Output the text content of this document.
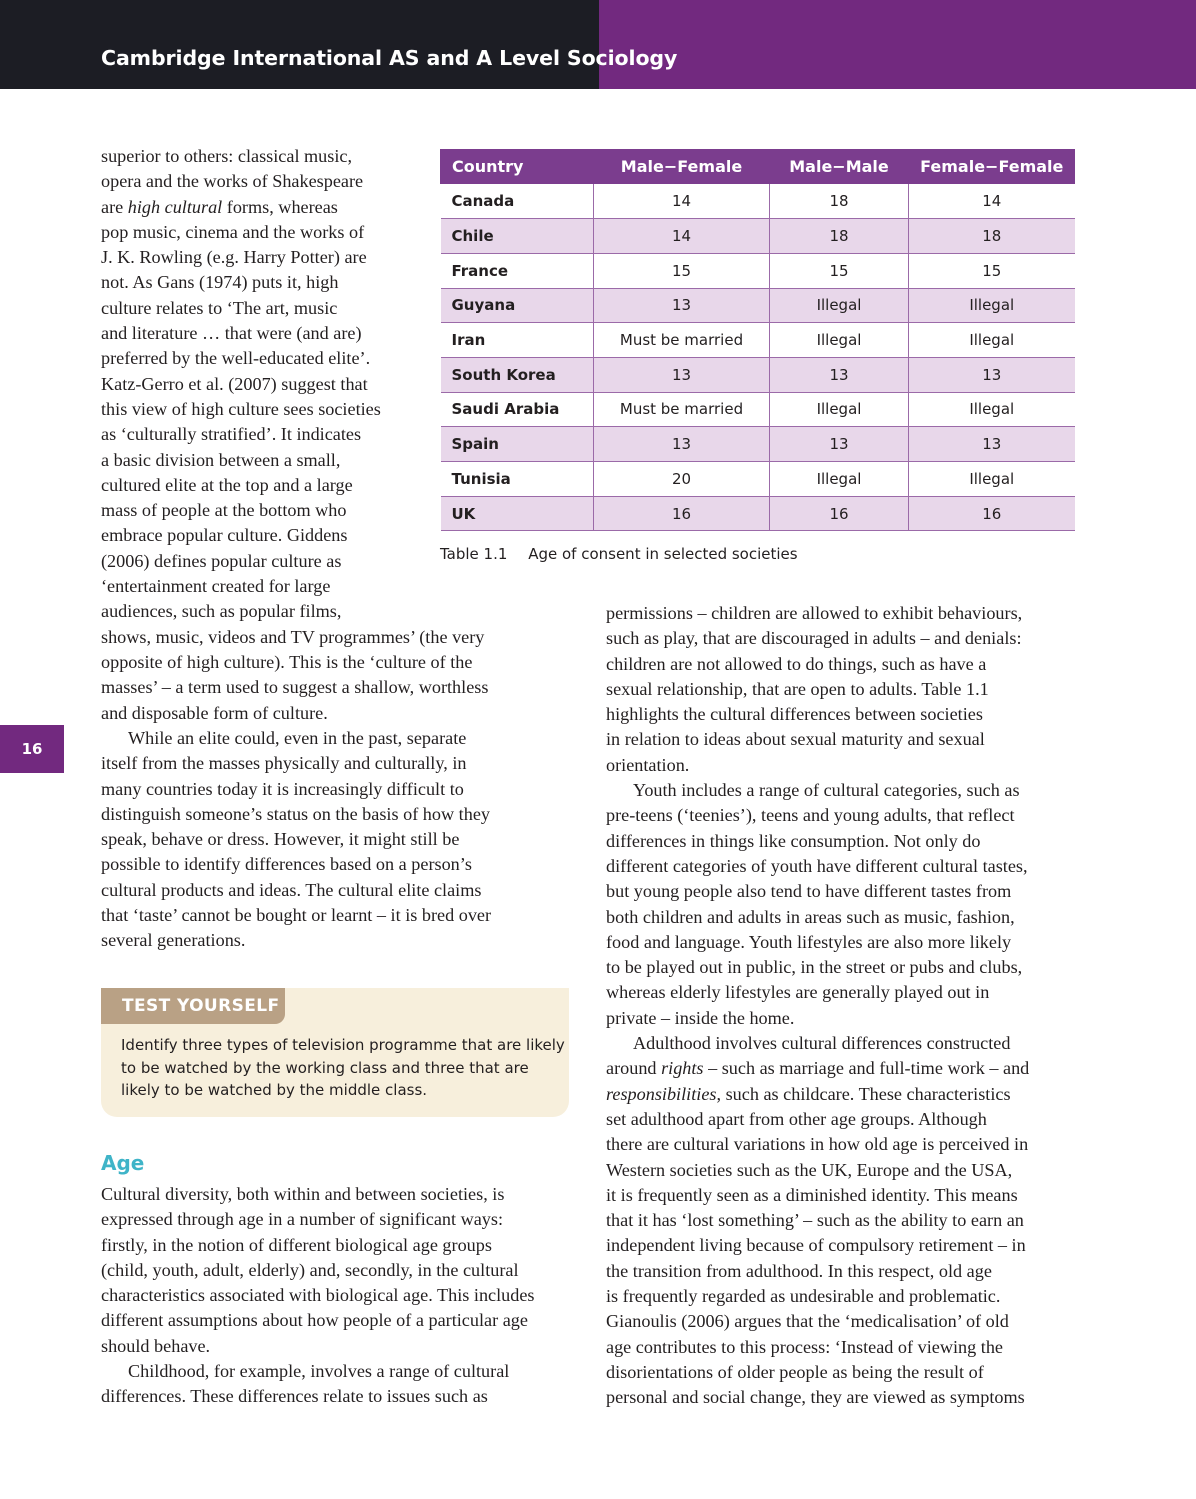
Cambridge International AS and A Level Sociology
16
superior to others: classical music,
opera and the works of Shakespeare
are high cultural forms, whereas
pop music, cinema and the works of
J. K. Rowling (e.g. Harry Potter) are
not. As Gans (1974) puts it, high
culture relates to ‘The art, music
and literature … that were (and are)
preferred by the well-educated elite’.
Katz-Gerro et al. (2007) suggest that
this view of high culture sees societies
as ‘culturally stratified’. It indicates
a basic division between a small,
cultured elite at the top and a large
mass of people at the bottom who
embrace popular culture. Giddens
(2006) defines popular culture as
‘entertainment created for large
audiences, such as popular films,
shows, music, videos and TV programmes’ (the very
opposite of high culture). This is the ‘culture of the
masses’ – a term used to suggest a shallow, worthless
and disposable form of culture.
While an elite could, even in the past, separate
itself from the masses physically and culturally, in
many countries today it is increasingly difficult to
distinguish someone’s status on the basis of how they
speak, behave or dress. However, it might still be
possible to identify differences based on a person’s
cultural products and ideas. The cultural elite claims
that ‘taste’ cannot be bought or learnt – it is bred over
several generations.
TEST YOURSELF
Identify three types of television programme that are likely
to be watched by the working class and three that are
likely to be watched by the middle class.
Age
Cultural diversity, both within and between societies, is
expressed through age in a number of significant ways:
firstly, in the notion of different biological age groups
(child, youth, adult, elderly) and, secondly, in the cultural
characteristics associated with biological age. This includes
different assumptions about how people of a particular age
should behave.
Childhood, for example, involves a range of cultural
differences. These differences relate to issues such as
Country	Male−Female	Male−Male	Female−Female
Canada	14	18	14
Chile	14	18	18
France	15	15	15
Guyana	13	Illegal	Illegal
Iran	Must be married	Illegal	Illegal
South Korea	13	13	13
Saudi Arabia	Must be married	Illegal	Illegal
Spain	13	13	13
Tunisia	20	Illegal	Illegal
UK	16	16	16
Table 1.1 Age of consent in selected societies
permissions – children are allowed to exhibit behaviours,
such as play, that are discouraged in adults – and denials:
children are not allowed to do things, such as have a
sexual relationship, that are open to adults. Table 1.1
highlights the cultural differences between societies
in relation to ideas about sexual maturity and sexual
orientation.
Youth includes a range of cultural categories, such as
pre-teens (‘teenies’), teens and young adults, that reflect
differences in things like consumption. Not only do
different categories of youth have different cultural tastes,
but young people also tend to have different tastes from
both children and adults in areas such as music, fashion,
food and language. Youth lifestyles are also more likely
to be played out in public, in the street or pubs and clubs,
whereas elderly lifestyles are generally played out in
private – inside the home.
Adulthood involves cultural differences constructed
around rights – such as marriage and full-time work – and
responsibilities, such as childcare. These characteristics
set adulthood apart from other age groups. Although
there are cultural variations in how old age is perceived in
Western societies such as the UK, Europe and the USA,
it is frequently seen as a diminished identity. This means
that it has ‘lost something’ – such as the ability to earn an
independent living because of compulsory retirement – in
the transition from adulthood. In this respect, old age
is frequently regarded as undesirable and problematic.
Gianoulis (2006) argues that the ‘medicalisation’ of old
age contributes to this process: ‘Instead of viewing the
disorientations of older people as being the result of
personal and social change, they are viewed as symptoms
